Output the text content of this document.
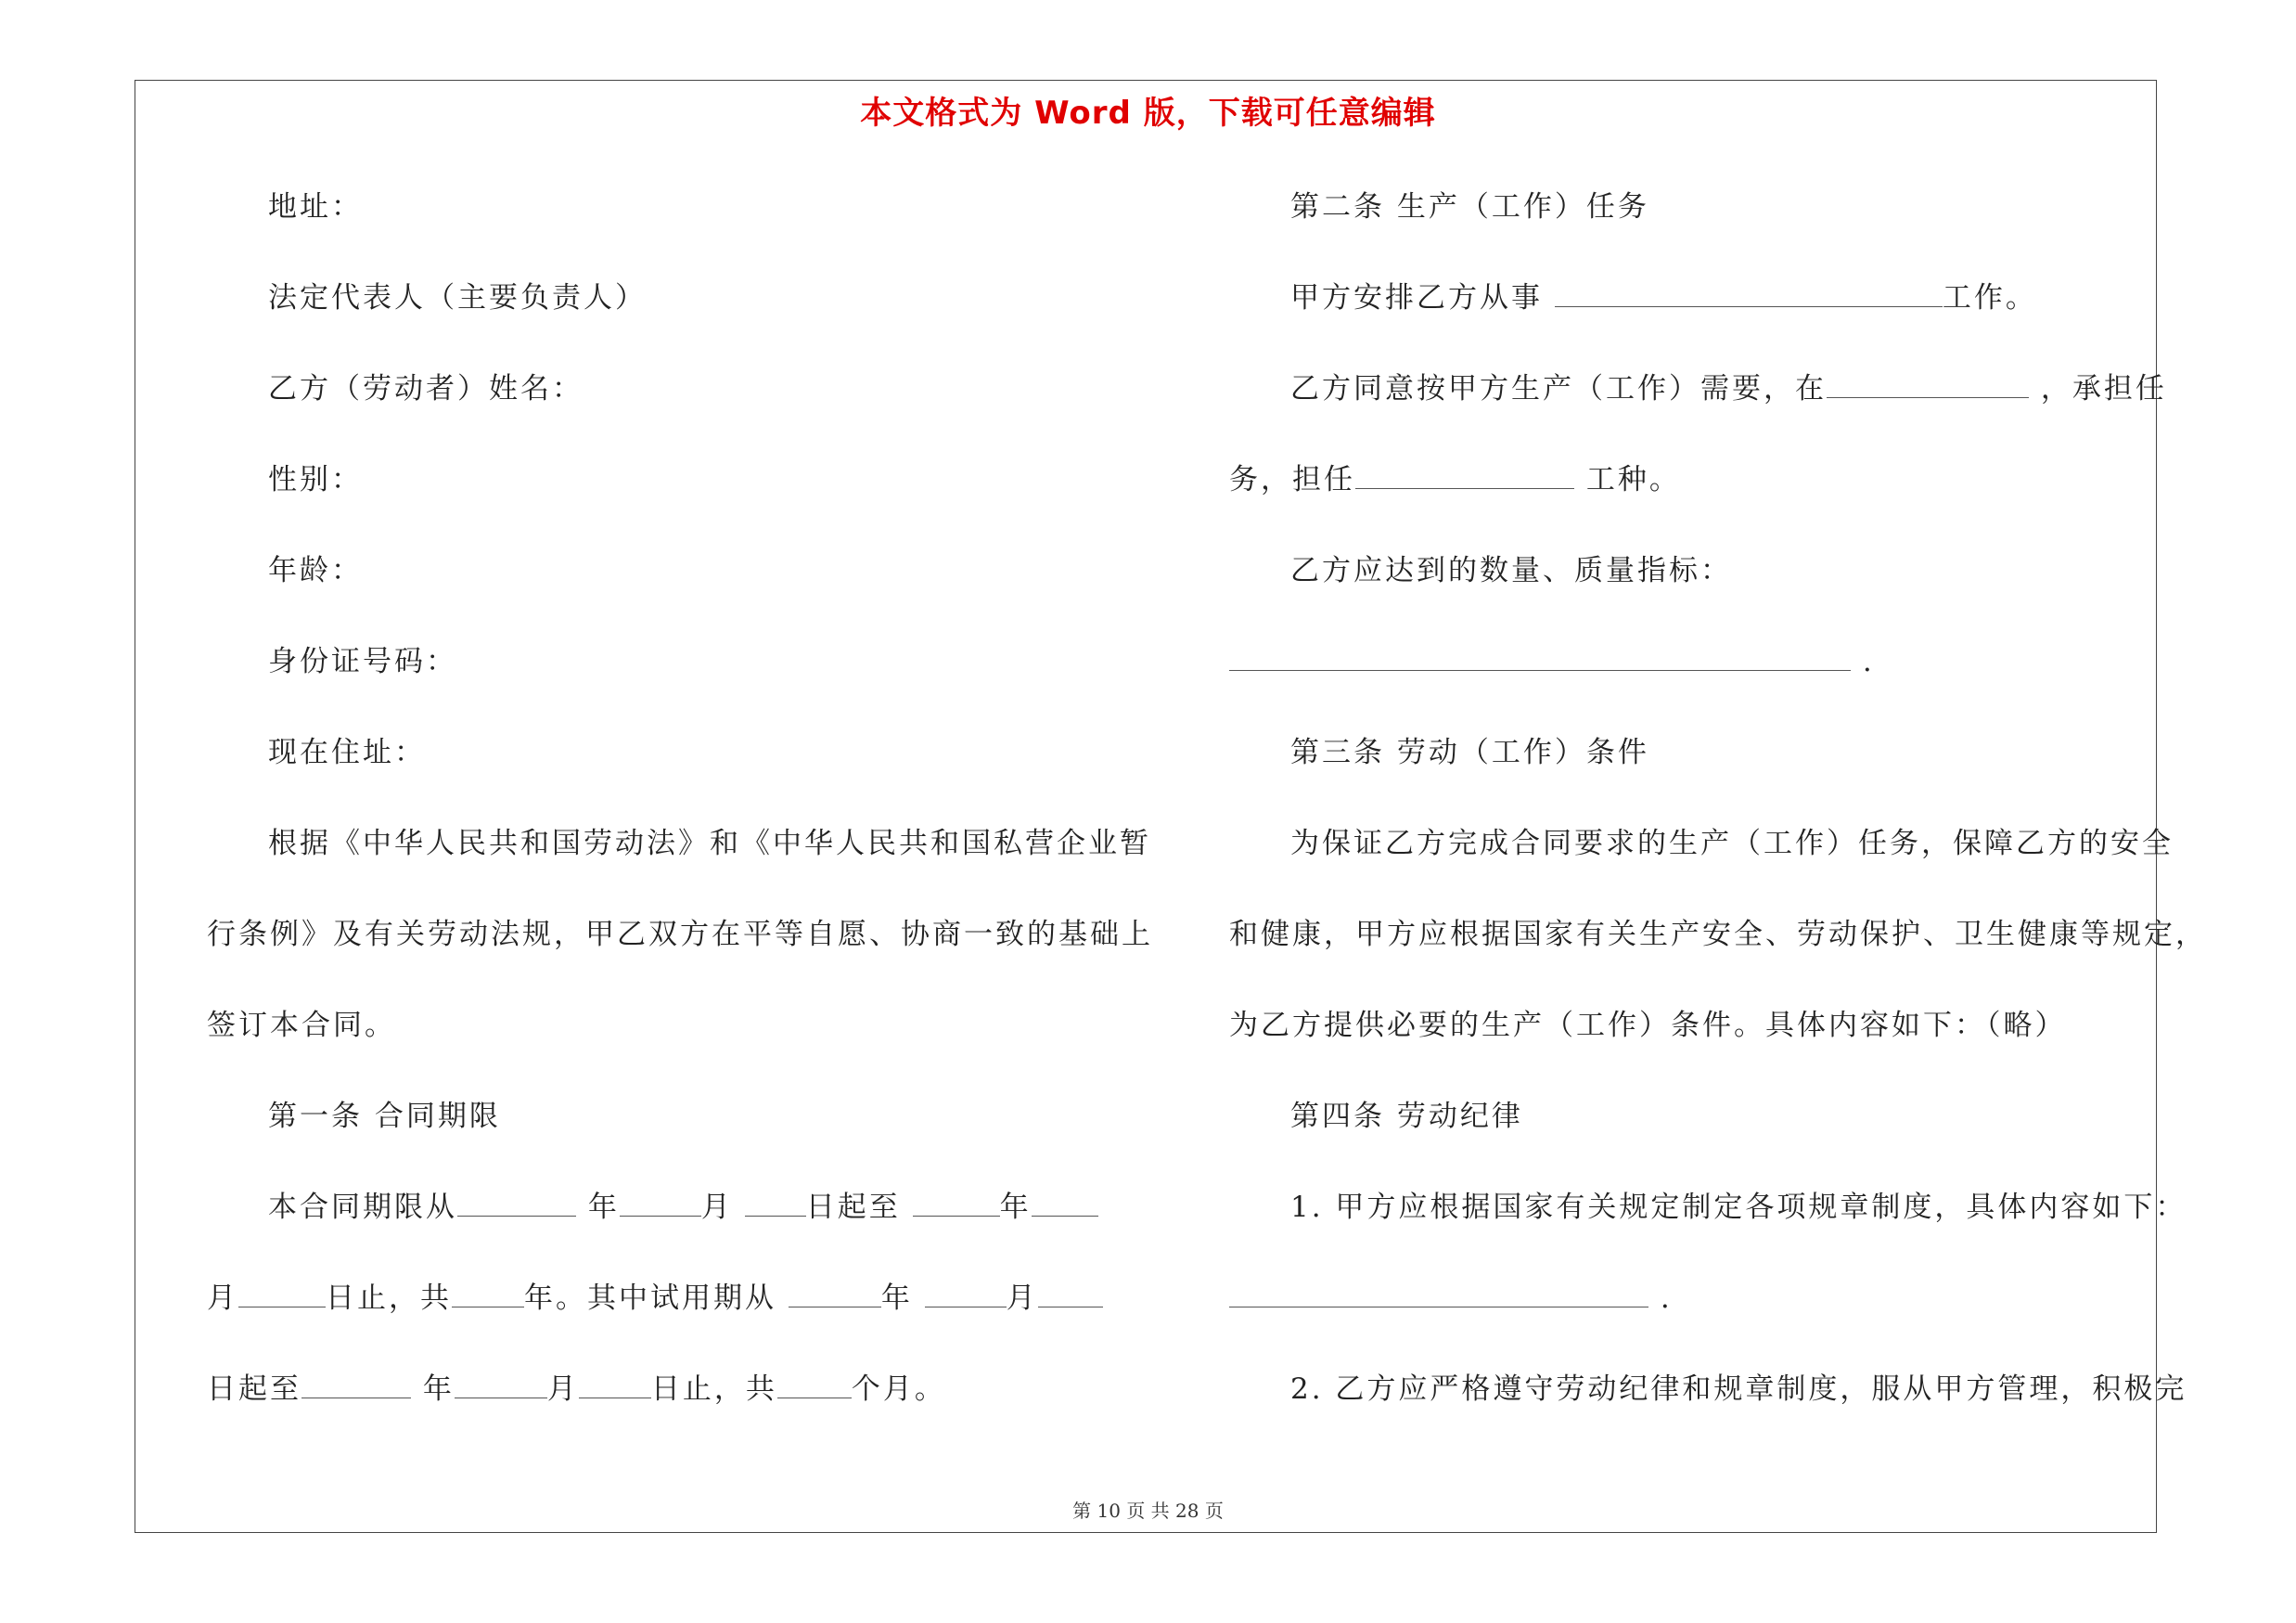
本文格式为 Word 版，下载可任意编辑
地址：
法定代表人（主要负责人）
乙方（劳动者）姓名：
性别：
年龄：
身份证号码：
现在住址：
根据《中华人民共和国劳动法》和《中华人民共和国私营企业暂
行条例》及有关劳动法规，甲乙双方在平等自愿、协商一致的基础上
签订本合同。
第一条 合同期限
本合同期限从	年	月	日起至	年
月	日止，共	年。其中试用期从	年	月
日起至	年	月	日止，共	个月。
第二条 生产（工作）任务
甲方安排乙方从事	工作。
乙方同意按甲方生产（工作）需要，在	，承担任
务，担任	工种。
乙方应达到的数量、质量指标：
.
第三条 劳动（工作）条件
为保证乙方完成合同要求的生产（工作）任务，保障乙方的安全
和健康，甲方应根据国家有关生产安全、劳动保护、卫生健康等规定，
为乙方提供必要的生产（工作）条件。具体内容如下：（略）
第四条 劳动纪律
1. 甲方应根据国家有关规定制定各项规章制度，具体内容如下：
.
2. 乙方应严格遵守劳动纪律和规章制度，服从甲方管理，积极完
第 10 页 共 28 页
